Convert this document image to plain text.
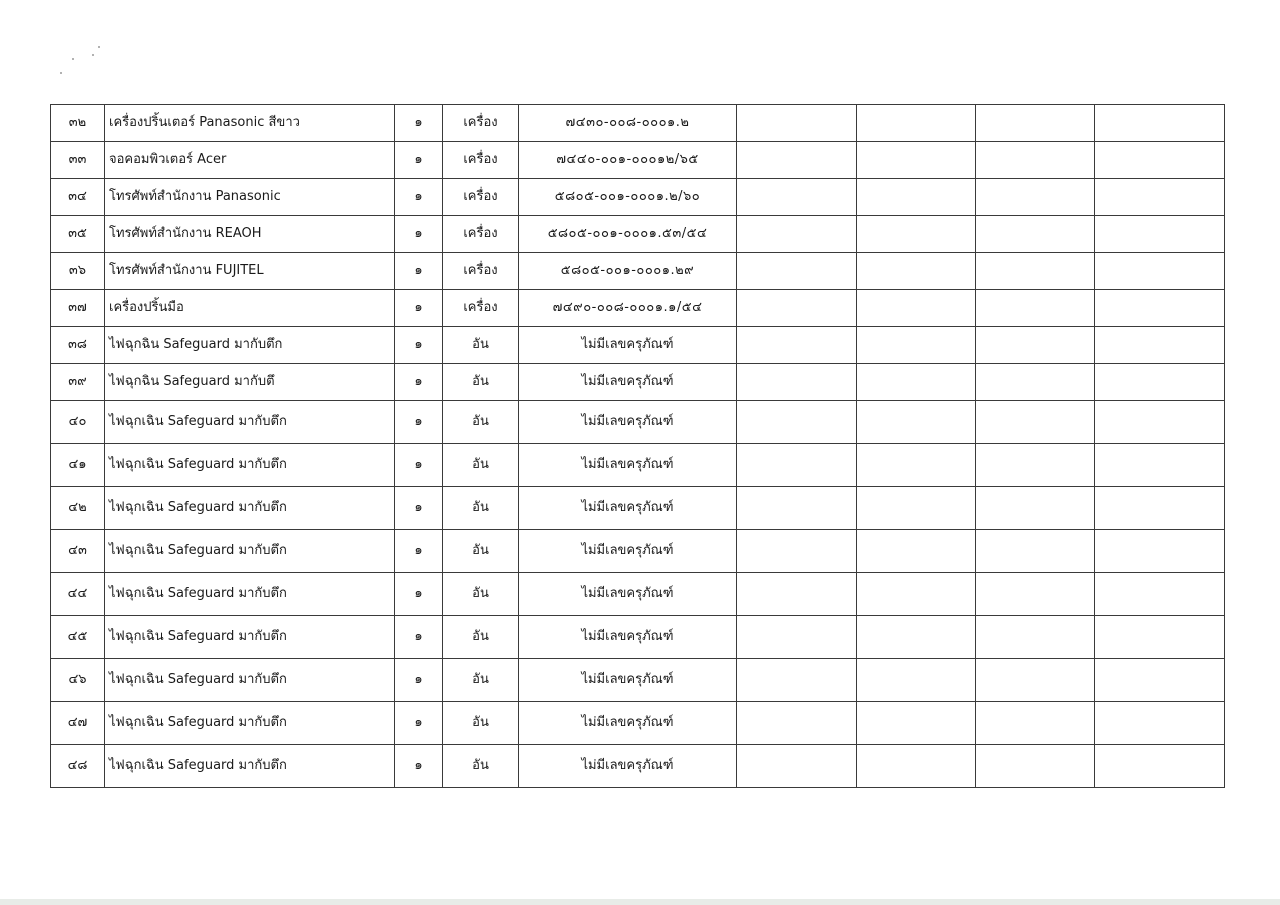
๓๒	เครื่องปริ้นเตอร์ Panasonic สีขาว	๑	เครื่อง	๗๔๓๐-๐๐๘-๐๐๐๑.๒				
๓๓	จอคอมพิวเตอร์ Acer	๑	เครื่อง	๗๔๔๐-๐๐๑-๐๐๐๑๒/๖๕				
๓๔	โทรศัพท์สำนักงาน Panasonic	๑	เครื่อง	๕๘๐๕-๐๐๑-๐๐๐๑.๒/๖๐				
๓๕	โทรศัพท์สำนักงาน REAOH	๑	เครื่อง	๕๘๐๕-๐๐๑-๐๐๐๑.๕๓/๕๔				
๓๖	โทรศัพท์สำนักงาน FUJITEL	๑	เครื่อง	๕๘๐๕-๐๐๑-๐๐๐๑.๒๙				
๓๗	เครื่องปริ้นมือ	๑	เครื่อง	๗๔๙๐-๐๐๘-๐๐๐๑.๑/๕๔				
๓๘	ไฟฉุกฉิน Safeguard มากับตึก	๑	อัน	ไม่มีเลขครุภัณฑ์				
๓๙	ไฟฉุกฉิน Safeguard มากับตึ	๑	อัน	ไม่มีเลขครุภัณฑ์				
๔๐	ไฟฉุกเฉิน Safeguard มากับตึก	๑	อัน	ไม่มีเลขครุภัณฑ์				
๔๑	ไฟฉุกเฉิน Safeguard มากับตึก	๑	อัน	ไม่มีเลขครุภัณฑ์				
๔๒	ไฟฉุกเฉิน Safeguard มากับตึก	๑	อัน	ไม่มีเลขครุภัณฑ์				
๔๓	ไฟฉุกเฉิน Safeguard มากับตึก	๑	อัน	ไม่มีเลขครุภัณฑ์				
๔๔	ไฟฉุกเฉิน Safeguard มากับตึก	๑	อัน	ไม่มีเลขครุภัณฑ์				
๔๕	ไฟฉุกเฉิน Safeguard มากับตึก	๑	อัน	ไม่มีเลขครุภัณฑ์				
๔๖	ไฟฉุกเฉิน Safeguard มากับตึก	๑	อัน	ไม่มีเลขครุภัณฑ์				
๔๗	ไฟฉุกเฉิน Safeguard มากับตึก	๑	อัน	ไม่มีเลขครุภัณฑ์				
๔๘	ไฟฉุกเฉิน Safeguard มากับตึก	๑	อัน	ไม่มีเลขครุภัณฑ์				
